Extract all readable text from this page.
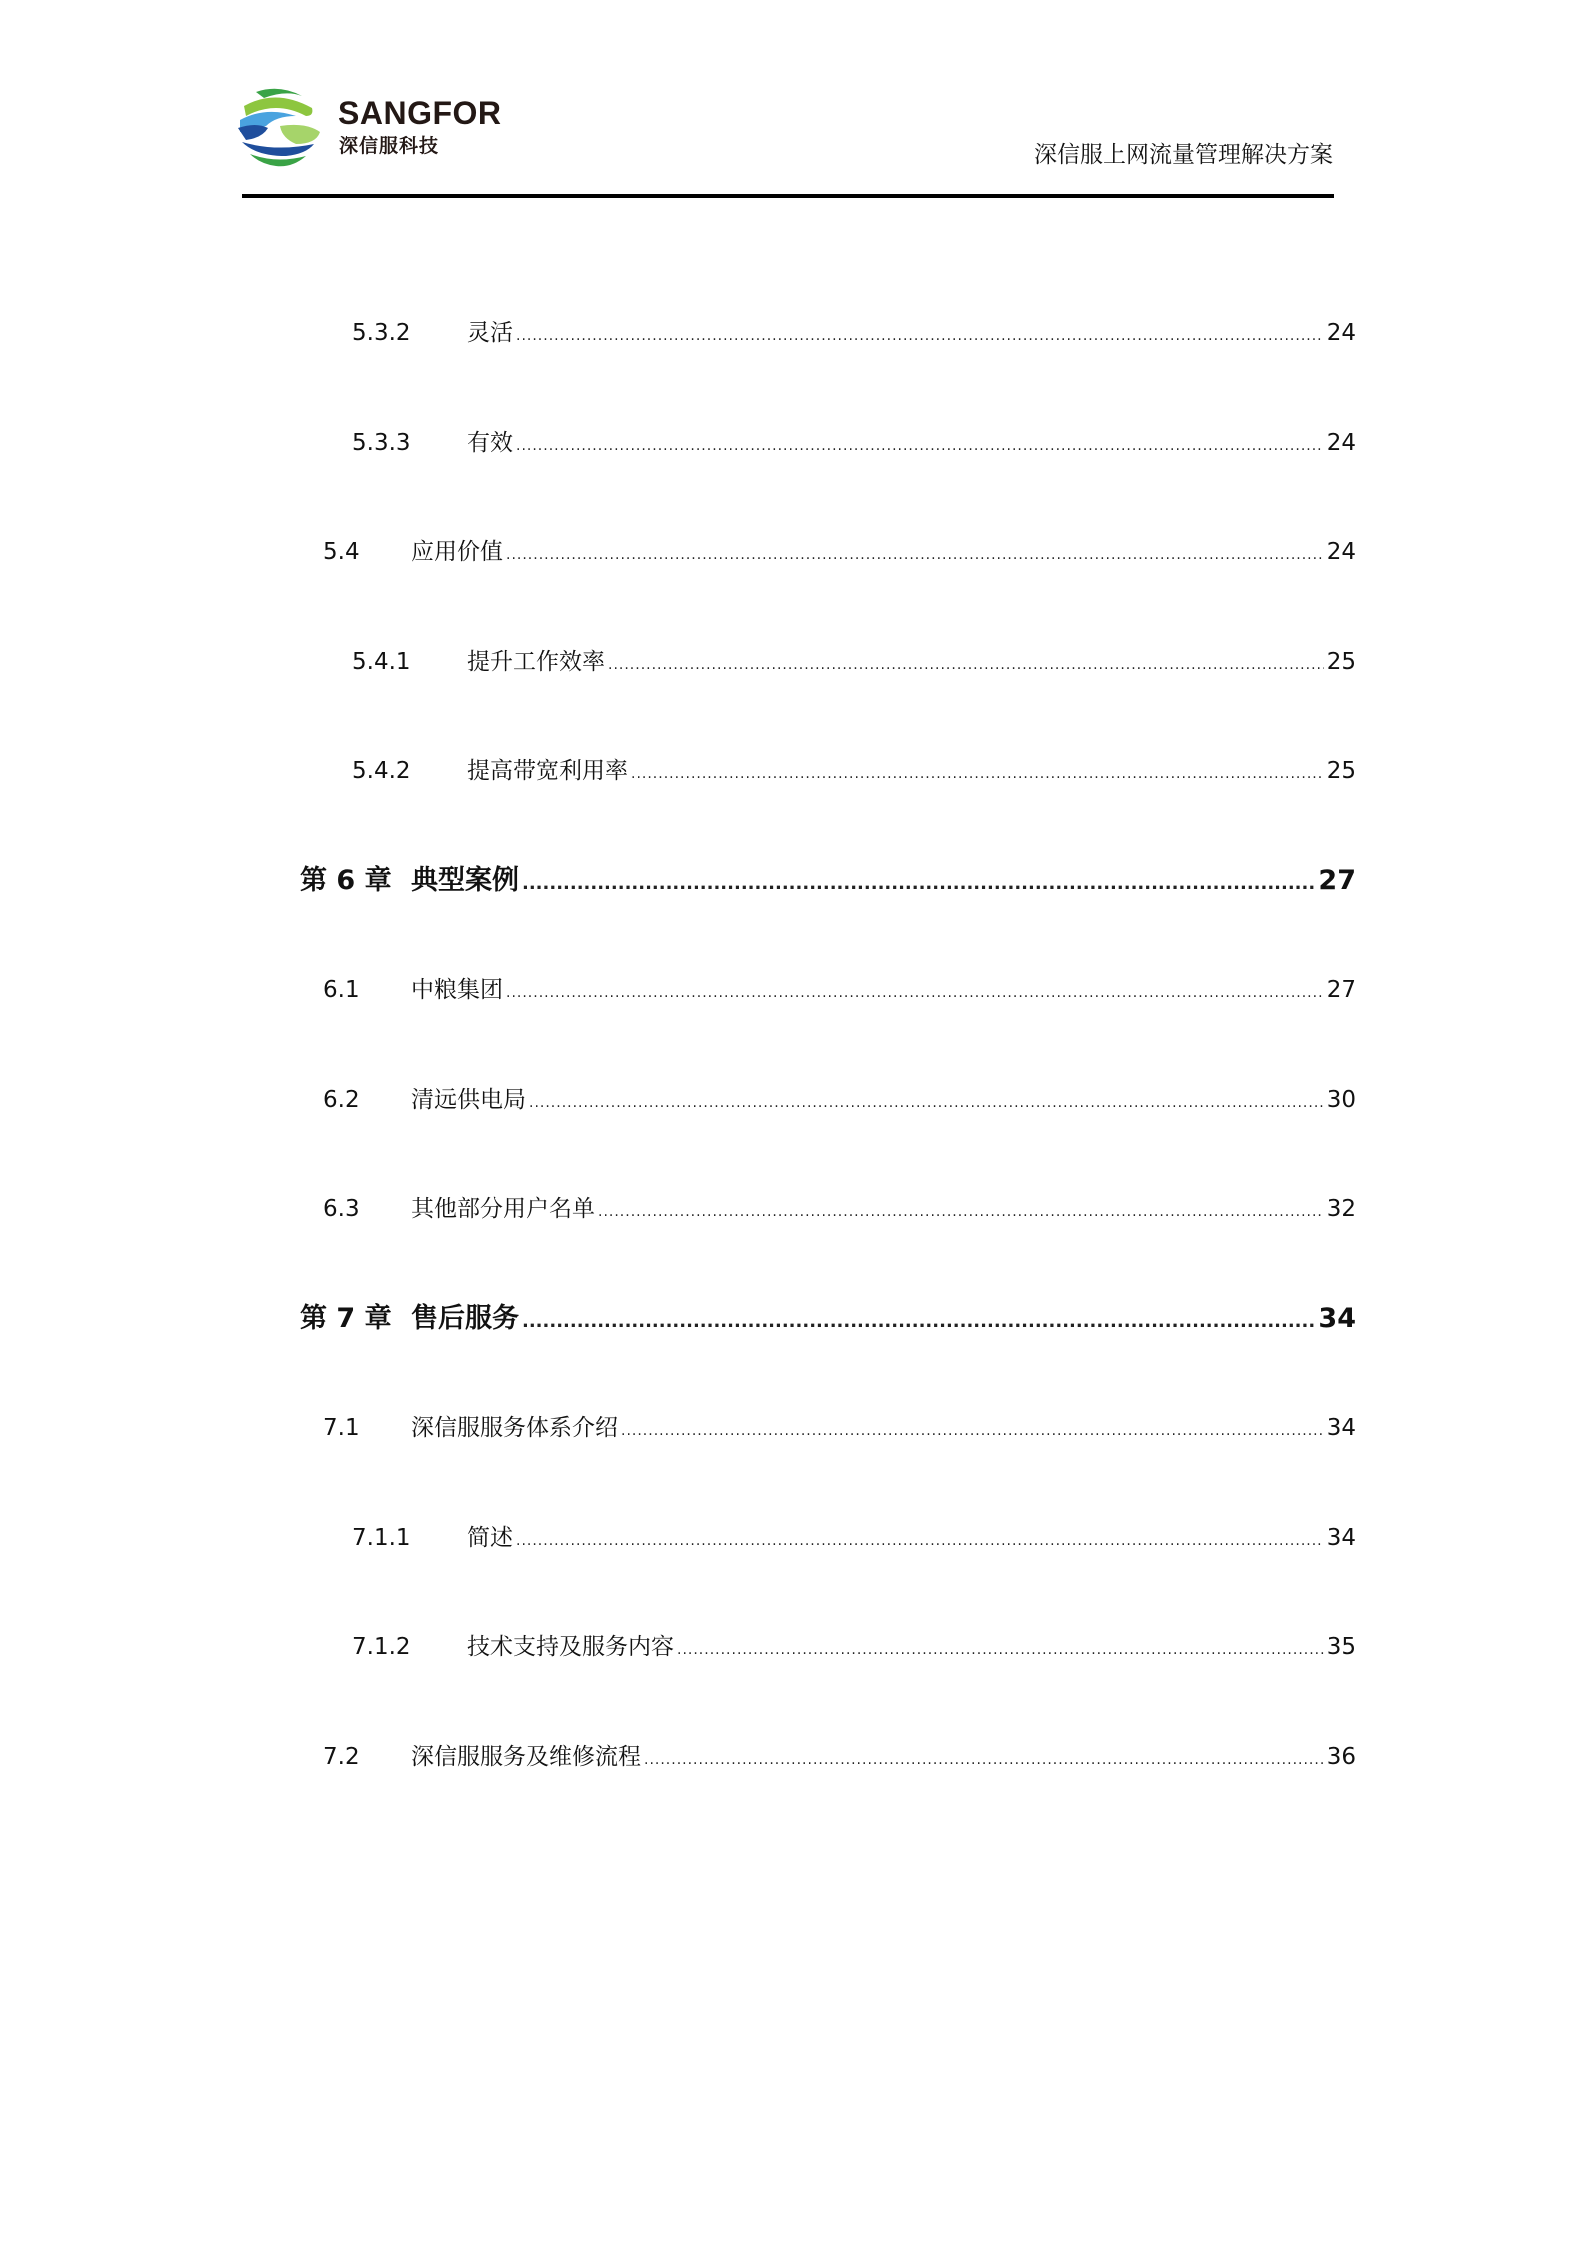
SANGFOR
深信服科技	深信服上网流量管理解决方案
5.3.2 灵活 .....	24
5.3.3 有效 .....	24
5.4 应用价值 .....	24
5.4.1 提升工作效率 .....	25
5.4.2 提高带宽利用率 .....	25
第 6 章 典型案例 .....	27
6.1 中粮集团 .....	27
6.2 清远供电局 .....	30
6.3 其他部分用户名单 .....	32
第 7 章 售后服务 .....	34
7.1 深信服服务体系介绍 .....	34
7.1.1 简述 .....	34
7.1.2 技术支持及服务内容 .....	35
7.2 深信服服务及维修流程 .....	36
